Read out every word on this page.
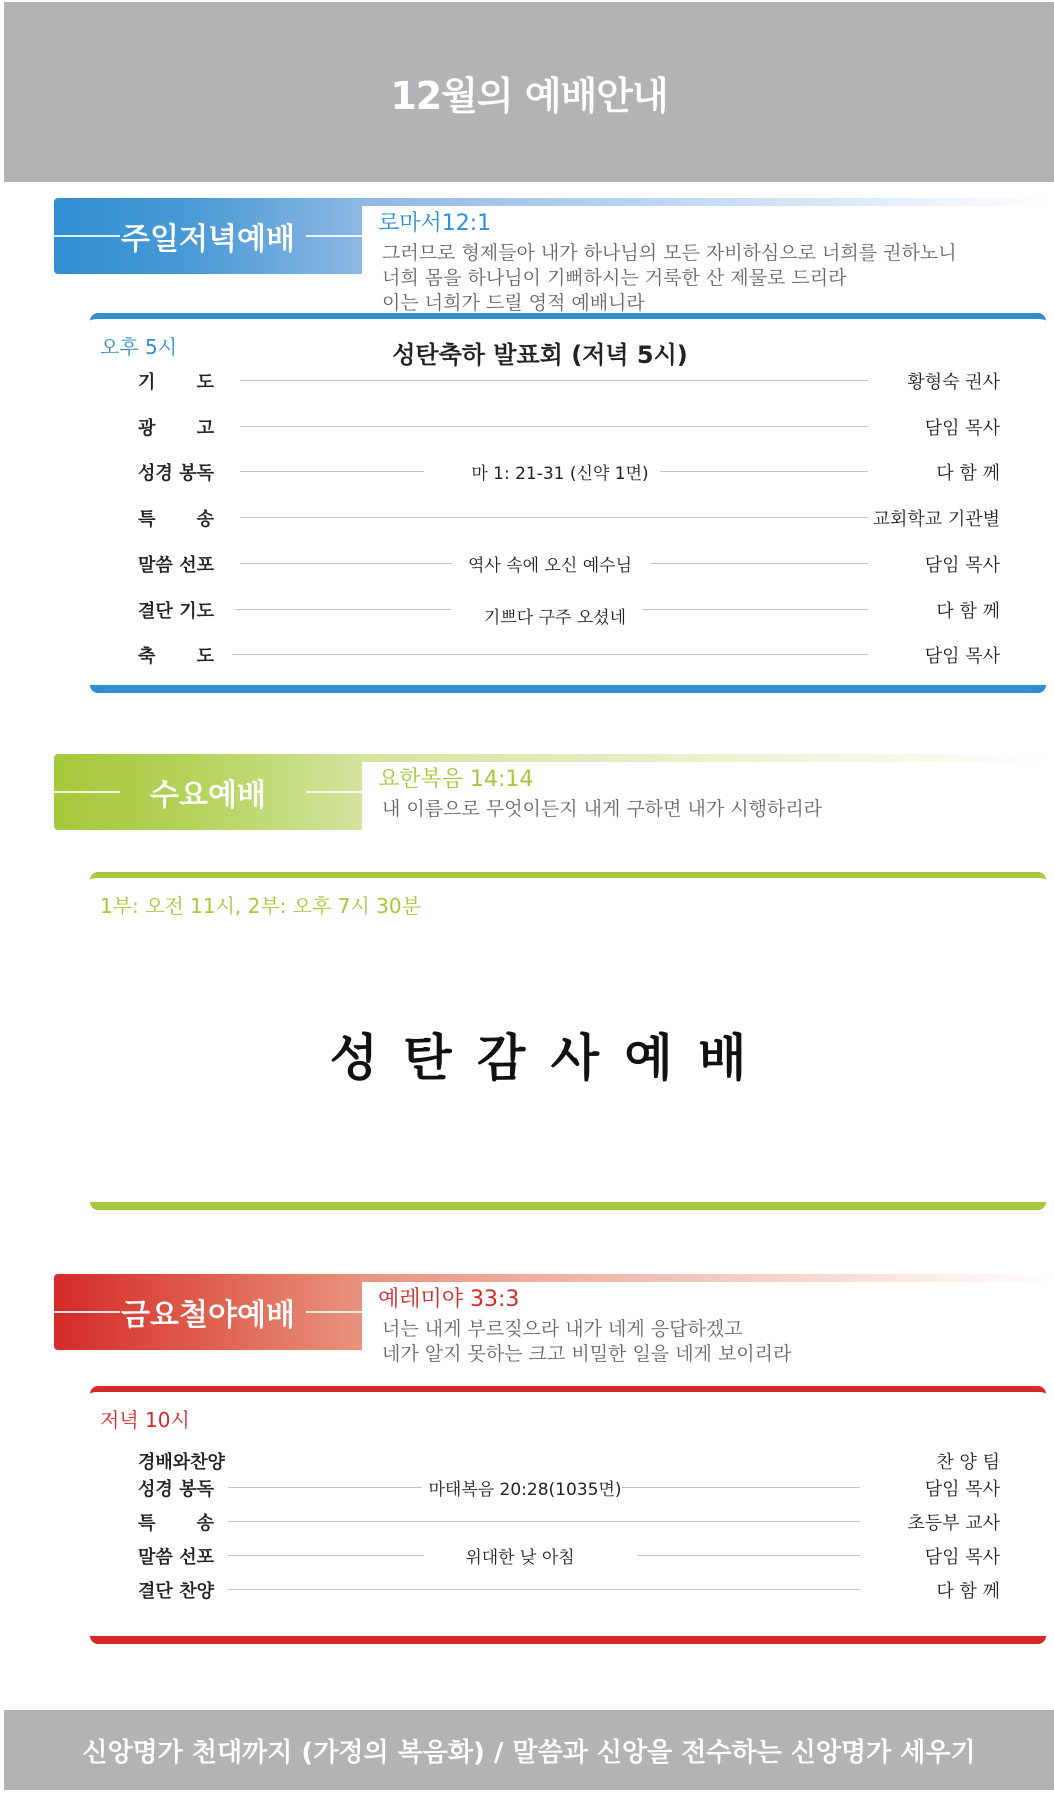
12월의 예배안내
주일저녁예배	로마서12:1
그러므로 형제들아 내가 하나님의 모든 자비하심으로 너희를 권하노니
너희 몸을 하나님이 기뻐하시는 거룩한 산 제물로 드리라
이는 너희가 드릴 영적 예배니라
오후 5시	성탄축하 발표회 (저녁 5시)
기 도	황형숙 권사
광 고	담임 목사
성경 봉독	마 1: 21-31 (신약 1면)	다 함 께
특 송	교회학교 기관별
말씀 선포	역사 속에 오신 예수님	담임 목사
결단 기도	기쁘다 구주 오셨네	다 함 께
축 도	담임 목사
수요예배	요한복음 14:14
내 이름으로 무엇이든지 내게 구하면 내가 시행하리라
1부: 오전 11시, 2부: 오후 7시 30분
성 탄 감 사 예 배
금요철야예배	예레미야 33:3
너는 내게 부르짖으라 내가 네게 응답하겠고
네가 알지 못하는 크고 비밀한 일을 네게 보이리라
저녁 10시
경배와찬양	찬 양 팀
성경 봉독	마태복음 20:28(1035면)	담임 목사
특 송	초등부 교사
말씀 선포	위대한 낮 아침	담임 목사
결단 찬양	다 함 께
신앙명가 천대까지 (가정의 복음화) / 말씀과 신앙을 전수하는 신앙명가 세우기
